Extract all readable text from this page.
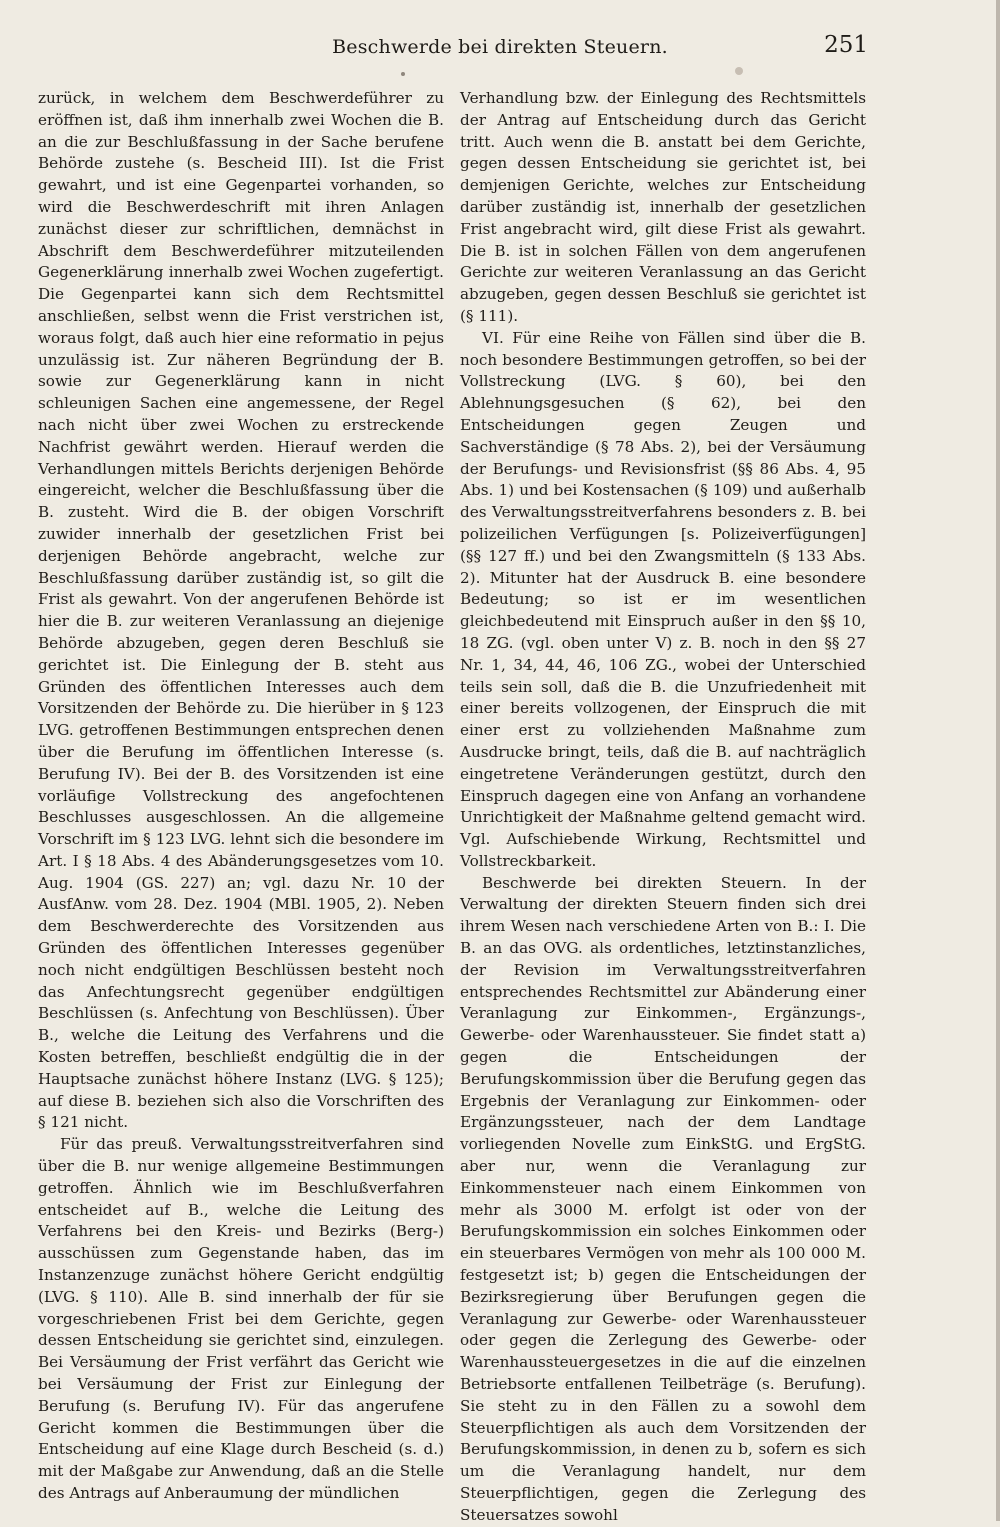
Beschwerde bei direkten Steuern.	251

zurück, in welchem dem Beschwerdeführer zu eröffnen ist, daß ihm innerhalb zwei Wochen die B. an die zur Beschlußfassung in der Sache berufene Behörde zustehe (s. Bescheid III). Ist die Frist gewahrt, und ist eine Gegenpartei vorhanden, so wird die Beschwerdeschrift mit ihren Anlagen zunächst dieser zur schriftlichen, demnächst in Abschrift dem Beschwerdeführer mitzuteilenden Gegenerklärung innerhalb zwei Wochen zugefertigt. Die Gegenpartei kann sich dem Rechtsmittel anschließen, selbst wenn die Frist verstrichen ist, woraus folgt, daß auch hier eine reformatio in pejus unzulässig ist. Zur näheren Begründung der B. sowie zur Gegenerklärung kann in nicht schleunigen Sachen eine angemessene, der Regel nach nicht über zwei Wochen zu erstreckende Nachfrist gewährt werden. Hierauf werden die Verhandlungen mittels Berichts derjenigen Behörde eingereicht, welcher die Beschlußfassung über die B. zusteht. Wird die B. der obigen Vorschrift zuwider innerhalb der gesetzlichen Frist bei derjenigen Behörde angebracht, welche zur Beschlußfassung darüber zuständig ist, so gilt die Frist als gewahrt. Von der angerufenen Behörde ist hier die B. zur weiteren Veranlassung an diejenige Behörde abzugeben, gegen deren Beschluß sie gerichtet ist. Die Einlegung der B. steht aus Gründen des öffentlichen Interesses auch dem Vorsitzenden der Behörde zu. Die hierüber in § 123 LVG. getroffenen Bestimmungen entsprechen denen über die Berufung im öffentlichen Interesse (s. Berufung IV). Bei der B. des Vorsitzenden ist eine vorläufige Vollstreckung des angefochtenen Beschlusses ausgeschlossen. An die allgemeine Vorschrift im § 123 LVG. lehnt sich die besondere im Art. I § 18 Abs. 4 des Abänderungsgesetzes vom 10. Aug. 1904 (GS. 227) an; vgl. dazu Nr. 10 der AusfAnw. vom 28. Dez. 1904 (MBl. 1905, 2). Neben dem Beschwerderechte des Vorsitzenden aus Gründen des öffentlichen Interesses gegenüber noch nicht endgültigen Beschlüssen besteht noch das Anfechtungsrecht gegenüber endgültigen Beschlüssen (s. Anfechtung von Beschlüssen). Über B., welche die Leitung des Verfahrens und die Kosten betreffen, beschließt endgültig die in der Hauptsache zunächst höhere Instanz (LVG. § 125); auf diese B. beziehen sich also die Vorschriften des § 121 nicht.

Für das preuß. Verwaltungsstreitverfahren sind über die B. nur wenige allgemeine Bestimmungen getroffen. Ähnlich wie im Beschlußverfahren entscheidet auf B., welche die Leitung des Verfahrens bei den Kreis- und Bezirks (Berg-) ausschüssen zum Gegenstande haben, das im Instanzenzuge zunächst höhere Gericht endgültig (LVG. § 110). Alle B. sind innerhalb der für sie vorgeschriebenen Frist bei dem Gerichte, gegen dessen Entscheidung sie gerichtet sind, einzulegen. Bei Versäumung der Frist verfährt das Gericht wie bei Versäumung der Frist zur Einlegung der Berufung (s. Berufung IV). Für das angerufene Gericht kommen die Bestimmungen über die Entscheidung auf eine Klage durch Bescheid (s. d.) mit der Maßgabe zur Anwendung, daß an die Stelle des Antrags auf Anberaumung der mündlichen

Verhandlung bzw. der Einlegung des Rechtsmittels der Antrag auf Entscheidung durch das Gericht tritt. Auch wenn die B. anstatt bei dem Gerichte, gegen dessen Entscheidung sie gerichtet ist, bei demjenigen Gerichte, welches zur Entscheidung darüber zuständig ist, innerhalb der gesetzlichen Frist angebracht wird, gilt diese Frist als gewahrt. Die B. ist in solchen Fällen von dem angerufenen Gerichte zur weiteren Veranlassung an das Gericht abzugeben, gegen dessen Beschluß sie gerichtet ist (§ 111).

VI. Für eine Reihe von Fällen sind über die B. noch besondere Bestimmungen getroffen, so bei der Vollstreckung (LVG. § 60), bei den Ablehnungsgesuchen (§ 62), bei den Entscheidungen gegen Zeugen und Sachverständige (§ 78 Abs. 2), bei der Versäumung der Berufungs- und Revisionsfrist (§§ 86 Abs. 4, 95 Abs. 1) und bei Kostensachen (§ 109) und außerhalb des Verwaltungsstreitverfahrens besonders z. B. bei polizeilichen Verfügungen [s. Polizeiverfügungen] (§§ 127 ff.) und bei den Zwangsmitteln (§ 133 Abs. 2). Mitunter hat der Ausdruck B. eine besondere Bedeutung; so ist er im wesentlichen gleichbedeutend mit Einspruch außer in den §§ 10, 18 ZG. (vgl. oben unter V) z. B. noch in den §§ 27 Nr. 1, 34, 44, 46, 106 ZG., wobei der Unterschied teils sein soll, daß die B. die Unzufriedenheit mit einer bereits vollzogenen, der Einspruch die mit einer erst zu vollziehenden Maßnahme zum Ausdrucke bringt, teils, daß die B. auf nachträglich eingetretene Veränderungen gestützt, durch den Einspruch dagegen eine von Anfang an vorhandene Unrichtigkeit der Maßnahme geltend gemacht wird. Vgl. Aufschiebende Wirkung, Rechtsmittel und Vollstreckbarkeit.

Beschwerde bei direkten Steuern. In der Verwaltung der direkten Steuern finden sich drei ihrem Wesen nach verschiedene Arten von B.: I. Die B. an das OVG. als ordentliches, letztinstanzliches, der Revision im Verwaltungsstreitverfahren entsprechendes Rechtsmittel zur Abänderung einer Veranlagung zur Einkommen-, Ergänzungs-, Gewerbe- oder Warenhaussteuer. Sie findet statt a) gegen die Entscheidungen der Berufungskommission über die Berufung gegen das Ergebnis der Veranlagung zur Einkommen- oder Ergänzungssteuer, nach der dem Landtage vorliegenden Novelle zum EinkStG. und ErgStG. aber nur, wenn die Veranlagung zur Einkommensteuer nach einem Einkommen von mehr als 3000 M. erfolgt ist oder von der Berufungskommission ein solches Einkommen oder ein steuerbares Vermögen von mehr als 100 000 M. festgesetzt ist; b) gegen die Entscheidungen der Bezirksregierung über Berufungen gegen die Veranlagung zur Gewerbe- oder Warenhaussteuer oder gegen die Zerlegung des Gewerbe- oder Warenhaussteuergesetzes in die auf die einzelnen Betriebsorte entfallenen Teilbeträge (s. Berufung). Sie steht zu in den Fällen zu a sowohl dem Steuerpflichtigen als auch dem Vorsitzenden der Berufungskommission, in denen zu b, sofern es sich um die Veranlagung handelt, nur dem Steuerpflichtigen, gegen die Zerlegung des Steuersatzes sowohl
